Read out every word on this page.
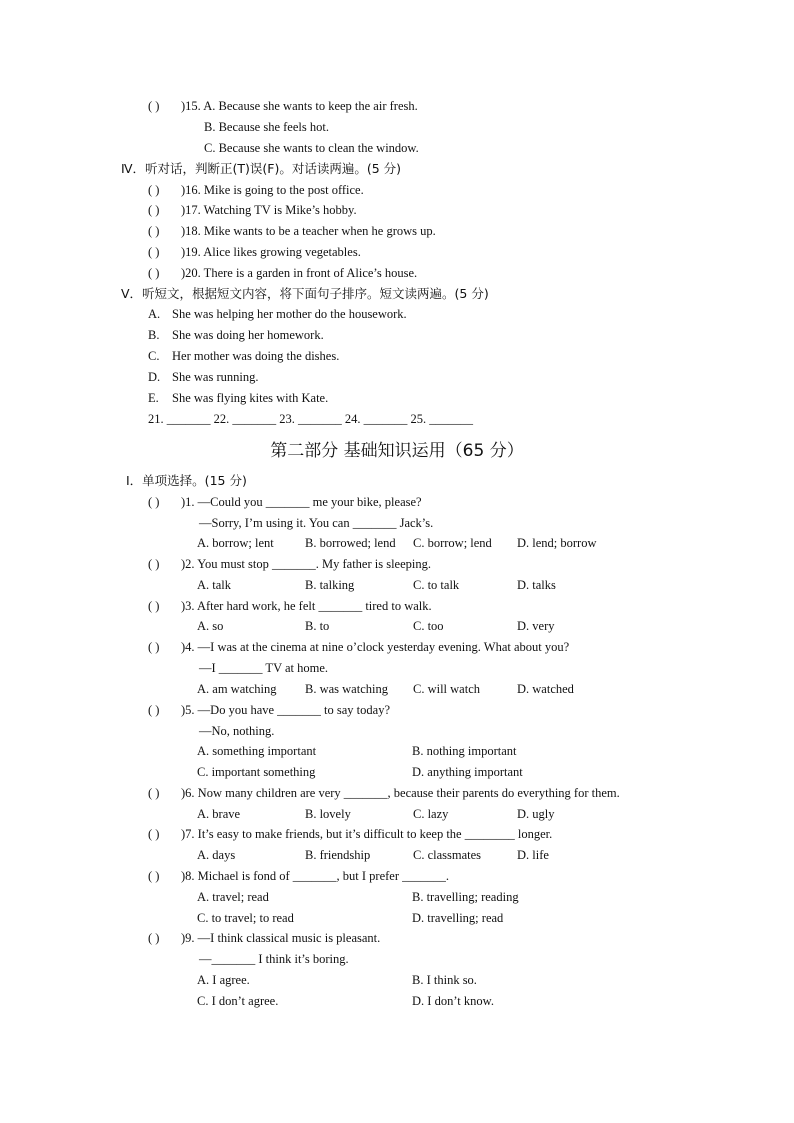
( ) )15. A. Because she wants to keep the air fresh.
B. Because she feels hot.
C. Because she wants to clean the window.
Ⅳ．听对话，判断正(T)误(F)。对话读两遍。(5 分)
( ) )16. Mike is going to the post office.
( ) )17. Watching TV is Mike’s hobby.
( ) )18. Mike wants to be a teacher when he grows up.
( ) )19. Alice likes growing vegetables.
( ) )20. There is a garden in front of Alice’s house.
Ⅴ．听短文，根据短文内容，将下面句子排序。短文读两遍。(5 分)
A. She was helping her mother do the housework.
B. She was doing her homework.
C. Her mother was doing the dishes.
D. She was running.
E. She was flying kites with Kate.
21. _______ 22. _______ 23. _______ 24. _______ 25. _______
第二部分 基础知识运用（65 分）
Ⅰ．单项选择。(15 分)
( ) )1. —Could you _______ me your bike, please?
—Sorry, I’m using it. You can _______ Jack’s.
A. borrow; lent	B. borrowed; lend C. borrow; lend D. lend; borrow
( ) )2. You must stop _______. My father is sleeping.
A. talk	B. talking	C. to talk	D. talks
( ) )3. After hard work, he felt _______ tired to walk.
A. so	B. to	C. too	D. very
( ) )4. —I was at the cinema at nine o’clock yesterday evening. What about you?
—I _______ TV at home.
A. am watching B. was watching C. will watch	D. watched
( ) )5. —Do you have _______ to say today?
—No, nothing.
A. something important	B. nothing important
C. important something	D. anything important
( ) )6. Now many children are very _______, because their parents do everything for them.
A. brave	B. lovely	C. lazy	D. ugly
( ) )7. It’s easy to make friends, but it’s difficult to keep the ________ longer.
A. days	B. friendship	C. classmates	D. life
( ) )8. Michael is fond of _______, but I prefer _______.
A. travel; read	B. travelling; reading
C. to travel; to read	D. travelling; read
( ) )9. —I think classical music is pleasant.
—_______ I think it’s boring.
A. I agree.	B. I think so.
C. I don’t agree.	D. I don’t know.
